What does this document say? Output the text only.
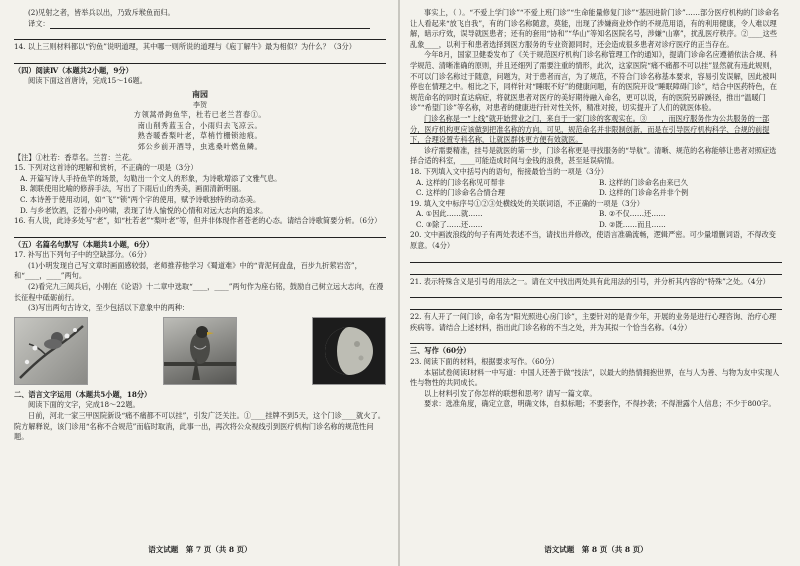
(2)见射之者，皆举兵以出，乃致斥堠鱼而归。

译文：

14. 以上三则材料都以“钓鱼”说明道理，其中哪一则所说的道理与《庖丁解牛》最为相似？为什么？（3分）

（四）阅读Ⅳ（本题共2小题，9分）

阅读下面这首唐诗，完成15～16题。

南园

李贺

方领蒿帚鉤鱼竿，杜若已老兰苕春①。

南山削秀蓝玉合，小雨归去飞凉云。

熟杏暖香梨叶老，草梢竹栅锁池痕。

郊公乡前开酒导，虫逃桑叶燃鱼鳞。

【注】①杜若：香草名。兰苕：兰花。

15. 下列对这首诗的理解和赏析，不正确的一项是（3分）

A. 开篇写诗人手持鱼竿的场景，勾勒出一个文人的形象，为诗歌增添了文雅气息。

B. 颔联使用比喻的修辞手法，写出了下雨后山的秀美，画面清新明丽。

C. 本诗善于使用动词，如“飞”“锁”两个字的使用，赋予诗歌独特的动态美。

D. 与乡老饮酒，泛着小舟吟啸，表现了诗人愉悦的心情和对远大志向的追求。

16. 有人说，此诗多处写“老”，如“杜若老”“梨叶老”等，但并非体现作者苍老的心态。请结合诗歌简要分析。（6分）

（五）名篇名句默写（本题共1小题，6分）

17. 补写出下列句子中的空缺部分。（6分）

(1)小明发现自己写文章时画面感较弱，老师推荐他学习《蜀道难》中的“青泥何盘盘，百步九折萦岩峦”，和“____，____”两句。

(2)看完九三阅兵后，小刚在《论语》十二章中选取“____，____”两句作为座右铭，鼓励自己树立远大志向，在漫长征程中砥砺前行。

(3)写出两句古诗文，至少包括以下意象中的两种：

二、语言文字运用（本题共5小题，18分）

阅读下面的文字，完成18～22题。

日前，河北一家三甲医院新设“痛不痛都不可以挂”，引发广泛关注。①____挂牌不到5天，这个门诊____就火了。院方解释说，该门诊用“名称不合规范”而临时取消，此事一出，再次将公众视线引到医疗机构门诊名称的规范性问题。

语文试题　第 7 页（共 8 页）

事实上，（ ）。“不爱上学门诊”“不爱上班门诊”“生命能量修复门诊”“基因进阶门诊”……部分医疗机构的门诊命名让人看起来“放飞自我”，有的门诊名称随意，莫能，出现了涉嫌商业炒作的不规范用语，有的利用健康，令人难以理解，暗示疗效，误导就医患者；还有的套用“协和”“华山”等知名医院名号，涉嫌“山寨”，扰乱医疗秩序。②____这些乱象____，以利于和患者选择到医方服务的专业资源同时，还会造成很多患者对诊疗医疗的正当存在。

今年8月，国家卫健委发布了《关于规范医疗机构门诊名称管理工作的通知》，提请门诊命名应遵循依法合规、科学规范、清晰准确的原则，并且还细列了需要注重的情形，此次，这家医院“痛不痛都不可以挂”显然就有违此规则，不可以门诊名称过于随意，问题为，对于患者而言，为了规范，不符合门诊名称基本要求，容易引发误解，因此被叫停也在情理之中。相比之下，同样针对“睡眠不好”的健康问题，有的医院开设“睡眠障碍门诊”，结合中医药特色，在规范命名的同时直达病症，将就医患者对医疗的美好期待融入命名，更可以说，有的医院另辟蹊径，推出“温暖门诊”“希望门诊”等名称，对患者的健康进行针对性关怀，精准对接，切实提升了人们的就医体验。

门诊名称是一“上线”就开始营业之门，来自于一家门诊的客观实在。③____，而医疗服务作为公共服务的一部分，医疗机构更应该做到把准名称的方向。可见，规范命名并非限制创新，而是在引导医疗机构科学、合规的前提下，合理设置专科名称，让就医群体更方便有效就医。

诊疗需要精准，挂号是就医的第一步，门诊名称更是寻找服务的“导航”。清晰、规范的名称能够让患者对照症选择合适的科室，____可能造成时间与金钱的浪费，甚至延误病情。

18. 下列填入文中括号内的语句，衔接最恰当的一项是（3分）

A. 这样的门诊名称见可帮非	B. 这样的门诊命名由来已久
C. 这样的门诊命名合情合理	D. 这样的门诊命名并非个例

19. 填入文中标序号①②③处横线处的关联词语，不正确的一项是（3分）

A. ①因此……就……	B. ②不仅……还……
C. ③除了……还……	D. ②既……而且……

20. 文中画波浪线的句子有两处表述不当，请找出并修改，使语言准确流畅，逻辑严密。可少量增删词语，不得改变原意。（4分）

21. 表示特殊含义是引号的用法之一。请在文中找出两处具有此用法的引号，并分析其内容的“特殊”之处。（4分）

22. 有人开了一间门诊，命名为“阳光照进心房门诊”，主要针对的是青少年，开展的业务是进行心理咨询、治疗心理疾病等。请结合上述材料，指出此门诊名称的不当之处，并为其拟一个恰当名称。（4分）

三、写作（60分）

23. 阅读下面的材料，根据要求写作。（60分）

本届试卷阅读Ⅰ材料一中写道：中国人还善于做“技法”，以最大的热情拥抱世界，在与人为善、与物为友中实现人性与物性的共同成长。

以上材料引发了你怎样的联想和思考？请写一篇文章。

要求：选准角度，确定立意，明确文体，自拟标题；不要套作，不得抄袭；不得泄露个人信息；不少于800字。

语文试题　第 8 页（共 8 页）
